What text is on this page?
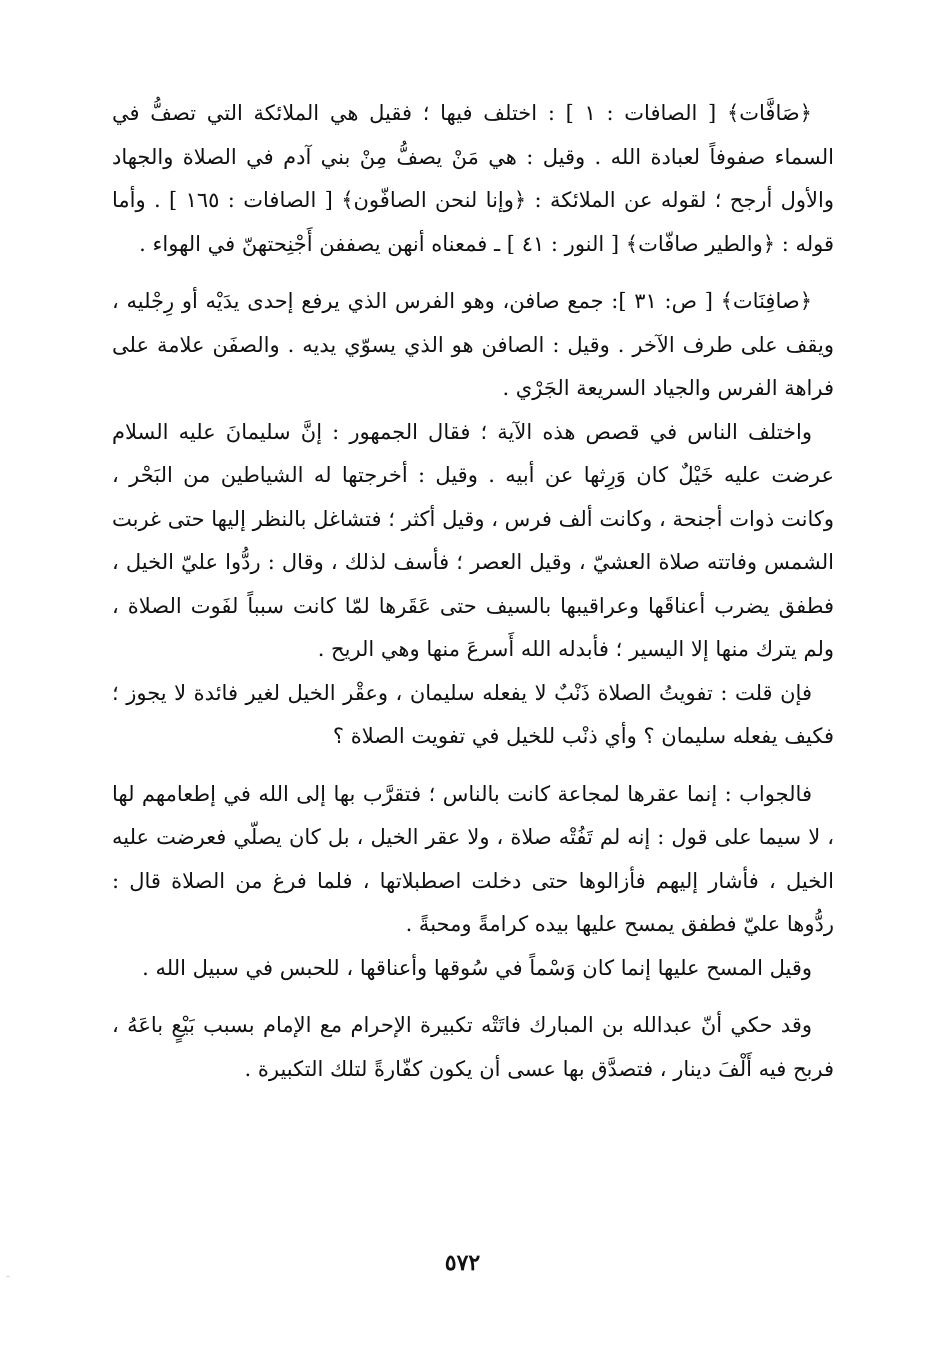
﴿صَافَّات﴾ [ الصافات : ١ ] : اختلف فيها ؛ فقيل هي الملائكة التي تصفُّ في السماء صفوفاً لعبادة الله . وقيل : هي مَنْ يصفُّ مِنْ بني آدم في الصلاة والجهاد والأول أرجح ؛ لقوله عن الملائكة : ﴿وإنا لنحن الصافّون﴾ [ الصافات : ١٦٥ ] . وأما قوله : ﴿والطير صافّات﴾ [ النور : ٤١ ] ـ فمعناه أنهن يصففن أَجْنِحتهنّ في الهواء .

﴿صافِنَات﴾ [ ص: ٣١ ]: جمع صافن، وهو الفرس الذي يرفع إحدى يدَيْه أو رِجْليه ، ويقف على طرف الآخر . وقيل : الصافن هو الذي يسوّي يديه . والصفَن علامة على فراهة الفرس والجياد السريعة الجَرْي .

واختلف الناس في قصص هذه الآية ؛ فقال الجمهور : إنَّ سليمانَ عليه السلام عرضت عليه خَيْلٌ كان وَرِثها عن أبيه . وقيل : أخرجتها له الشياطين من البَحْر ، وكانت ذوات أجنحة ، وكانت ألف فرس ، وقيل أكثر ؛ فتشاغل بالنظر إليها حتى غربت الشمس وفاتته صلاة العشيّ ، وقيل العصر ؛ فأسف لذلك ، وقال : ردُّوا عليّ الخيل ، فطفق يضرب أعناقَها وعراقيبها بالسيف حتى عَقَرها لمّا كانت سبباً لفَوت الصلاة ، ولم يترك منها إلا اليسير ؛ فأبدله الله أَسرعَ منها وهي الريح .

فإن قلت : تفويتُ الصلاة ذَنْبٌ لا يفعله سليمان ، وعقْر الخيل لغير فائدة لا يجوز ؛ فكيف يفعله سليمان ؟ وأي ذنْب للخيل في تفويت الصلاة ؟

فالجواب : إنما عقرها لمجاعة كانت بالناس ؛ فتقرَّب بها إلى الله في إطعامهم لها ، لا سيما على قول : إنه لم تَفُتْه صلاة ، ولا عقر الخيل ، بل كان يصلّي فعرضت عليه الخيل ، فأشار إليهم فأزالوها حتى دخلت اصطبلاتها ، فلما فرغ من الصلاة قال : ردُّوها عليّ فطفق يمسح عليها بيده كرامةً ومحبةً .

وقيل المسح عليها إنما كان وَسْماً في سُوقها وأعناقها ، للحبس في سبيل الله .

وقد حكي أنّ عبدالله بن المبارك فاتَتْه تكبيرة الإحرام مع الإمام بسبب بَيْعٍ باعَهُ ، فربح فيه أَلْفَ دينار ، فتصدَّق بها عسى أن يكون كفّارةً لتلك التكبيرة .

٥٧٢
